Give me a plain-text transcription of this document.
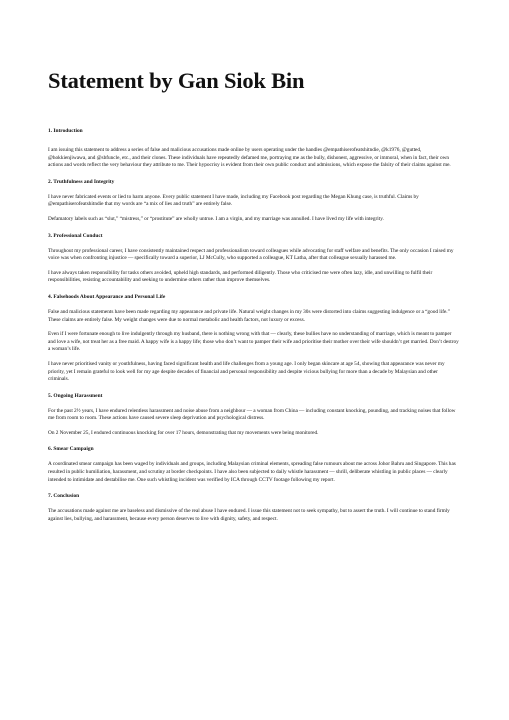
Statement by Gan Siok Bin
1. Introduction

I am issuing this statement to address a series of false and malicious accusations made online by users operating under the handles @empathiserofeatshitndie, @k1976, @gutted, @hokkienjiwawa, and @sbfuncle, etc., and their clones. These individuals have repeatedly defamed me, portraying me as the bully, dishonest, aggressive, or immoral, when in fact, their own actions and words reflect the very behaviour they attribute to me. Their hypocrisy is evident from their own public conduct and admissions, which expose the falsity of their claims against me.

2. Truthfulness and Integrity

I have never fabricated events or lied to harm anyone. Every public statement I have made, including my Facebook post regarding the Megan Khung case, is truthful. Claims by @empathiserofeatshitndie that my words are “a mix of lies and truth” are entirely false.

Defamatory labels such as “slut,” “mistress,” or “prostitute” are wholly untrue. I am a virgin, and my marriage was annulled. I have lived my life with integrity.

3. Professional Conduct

Throughout my professional career, I have consistently maintained respect and professionalism toward colleagues while advocating for staff welfare and benefits. The only occasion I raised my voice was when confronting injustice — specifically toward a superior, LJ McCully, who supported a colleague, KT Latha, after that colleague sexually harassed me.

I have always taken responsibility for tasks others avoided, upheld high standards, and performed diligently. Those who criticised me were often lazy, idle, and unwilling to fulfil their responsibilities, resisting accountability and seeking to undermine others rather than improve themselves.

4. Falsehoods About Appearance and Personal Life

False and malicious statements have been made regarding my appearance and private life. Natural weight changes in my 30s were distorted into claims suggesting indulgence or a “good life.” These claims are entirely false. My weight changes were due to normal metabolic and health factors, not luxury or excess.

Even if I were fortunate enough to live indulgently through my husband, there is nothing wrong with that — clearly, these bullies have no understanding of marriage, which is meant to pamper and love a wife, not treat her as a free maid. A happy wife is a happy life; those who don’t want to pamper their wife and prioritise their mother over their wife shouldn’t get married. Don’t destroy a woman’s life.

I have never prioritised vanity or youthfulness, having faced significant health and life challenges from a young age. I only began skincare at age 54, showing that appearance was never my priority, yet I remain grateful to look well for my age despite decades of financial and personal responsibility and despite vicious bullying for more than a decade by Malaysian and other criminals.

5. Ongoing Harassment

For the past 2½ years, I have endured relentless harassment and noise abuse from a neighbour — a woman from China — including constant knocking, pounding, and tracking noises that follow me from room to room. These actions have caused severe sleep deprivation and psychological distress.

On 2 November 25, I endured continuous knocking for over 17 hours, demonstrating that my movements were being monitored.

6. Smear Campaign

A coordinated smear campaign has been waged by individuals and groups, including Malaysian criminal elements, spreading false rumours about me across Johor Bahru and Singapore. This has resulted in public humiliation, harassment, and scrutiny at border checkpoints. I have also been subjected to daily whistle harassment — shrill, deliberate whistling in public places — clearly intended to intimidate and destabilise me. One such whistling incident was verified by ICA through CCTV footage following my report.

7. Conclusion

The accusations made against me are baseless and dismissive of the real abuse I have endured. I issue this statement not to seek sympathy, but to assert the truth. I will continue to stand firmly against lies, bullying, and harassment, because every person deserves to live with dignity, safety, and respect.
